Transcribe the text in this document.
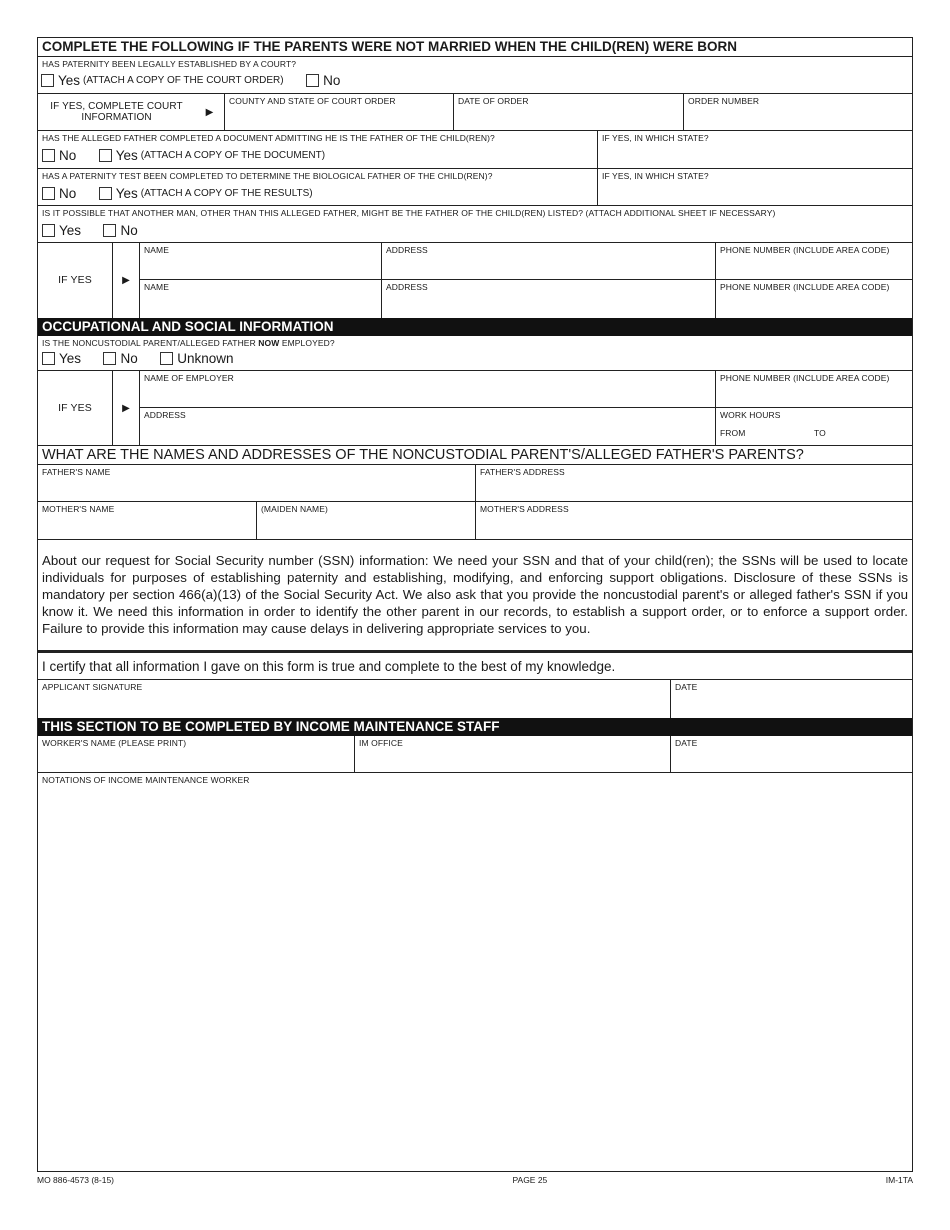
COMPLETE THE FOLLOWING IF THE PARENTS WERE NOT MARRIED WHEN THE CHILD(REN) WERE BORN
HAS PATERNITY BEEN LEGALLY ESTABLISHED BY A COURT?
Yes (ATTACH A COPY OF THE COURT ORDER)
	No
IF YES, COMPLETE COURT INFORMATION	▶
COUNTY AND STATE OF COURT ORDER	DATE OF ORDER	ORDER NUMBER
HAS THE ALLEGED FATHER COMPLETED A DOCUMENT ADMITTING HE IS THE FATHER OF THE CHILD(REN)?
No
	Yes (ATTACH A COPY OF THE DOCUMENT)
IF YES, IN WHICH STATE?
HAS A PATERNITY TEST BEEN COMPLETED TO DETERMINE THE BIOLOGICAL FATHER OF THE CHILD(REN)?
No
	Yes (ATTACH A COPY OF THE RESULTS)
IF YES, IN WHICH STATE?
IS IT POSSIBLE THAT ANOTHER MAN, OTHER THAN THIS ALLEGED FATHER, MIGHT BE THE FATHER OF THE CHILD(REN) LISTED? (ATTACH ADDITIONAL SHEET IF NECESSARY)
Yes
	No
IF YES	▶
NAME	ADDRESS	PHONE NUMBER (INCLUDE AREA CODE)
NAME	ADDRESS	PHONE NUMBER (INCLUDE AREA CODE)
OCCUPATIONAL AND SOCIAL INFORMATION
IS THE NONCUSTODIAL PARENT/ALLEGED FATHER NOW EMPLOYED?
Yes
	No
	Unknown
IF YES	▶
NAME OF EMPLOYER	PHONE NUMBER (INCLUDE AREA CODE)
ADDRESS	WORK HOURS
FROM	TO
WHAT ARE THE NAMES AND ADDRESSES OF THE NONCUSTODIAL PARENT'S/ALLEGED FATHER'S PARENTS?
FATHER'S NAME	FATHER'S ADDRESS
MOTHER'S NAME	(MAIDEN NAME)	MOTHER'S ADDRESS
About our request for Social Security number (SSN) information: We need your SSN and that of your child(ren); the SSNs will be used to locate individuals for purposes of establishing paternity and establishing, modifying, and enforcing support obligations. Disclosure of these SSNs is mandatory per section 466(a)(13) of the Social Security Act. We also ask that you provide the noncustodial parent's or alleged father's SSN if you know it. We need this information in order to identify the other parent in our records, to establish a support order, or to enforce a support order. Failure to provide this information may cause delays in delivering appropriate services to you.
I certify that all information I gave on this form is true and complete to the best of my knowledge.
APPLICANT SIGNATURE	DATE
THIS SECTION TO BE COMPLETED BY INCOME MAINTENANCE STAFF
WORKER'S NAME (PLEASE PRINT)	IM OFFICE	DATE
NOTATIONS OF INCOME MAINTENANCE WORKER
MO 886-4573 (8-15)	PAGE 25	IM-1TA
